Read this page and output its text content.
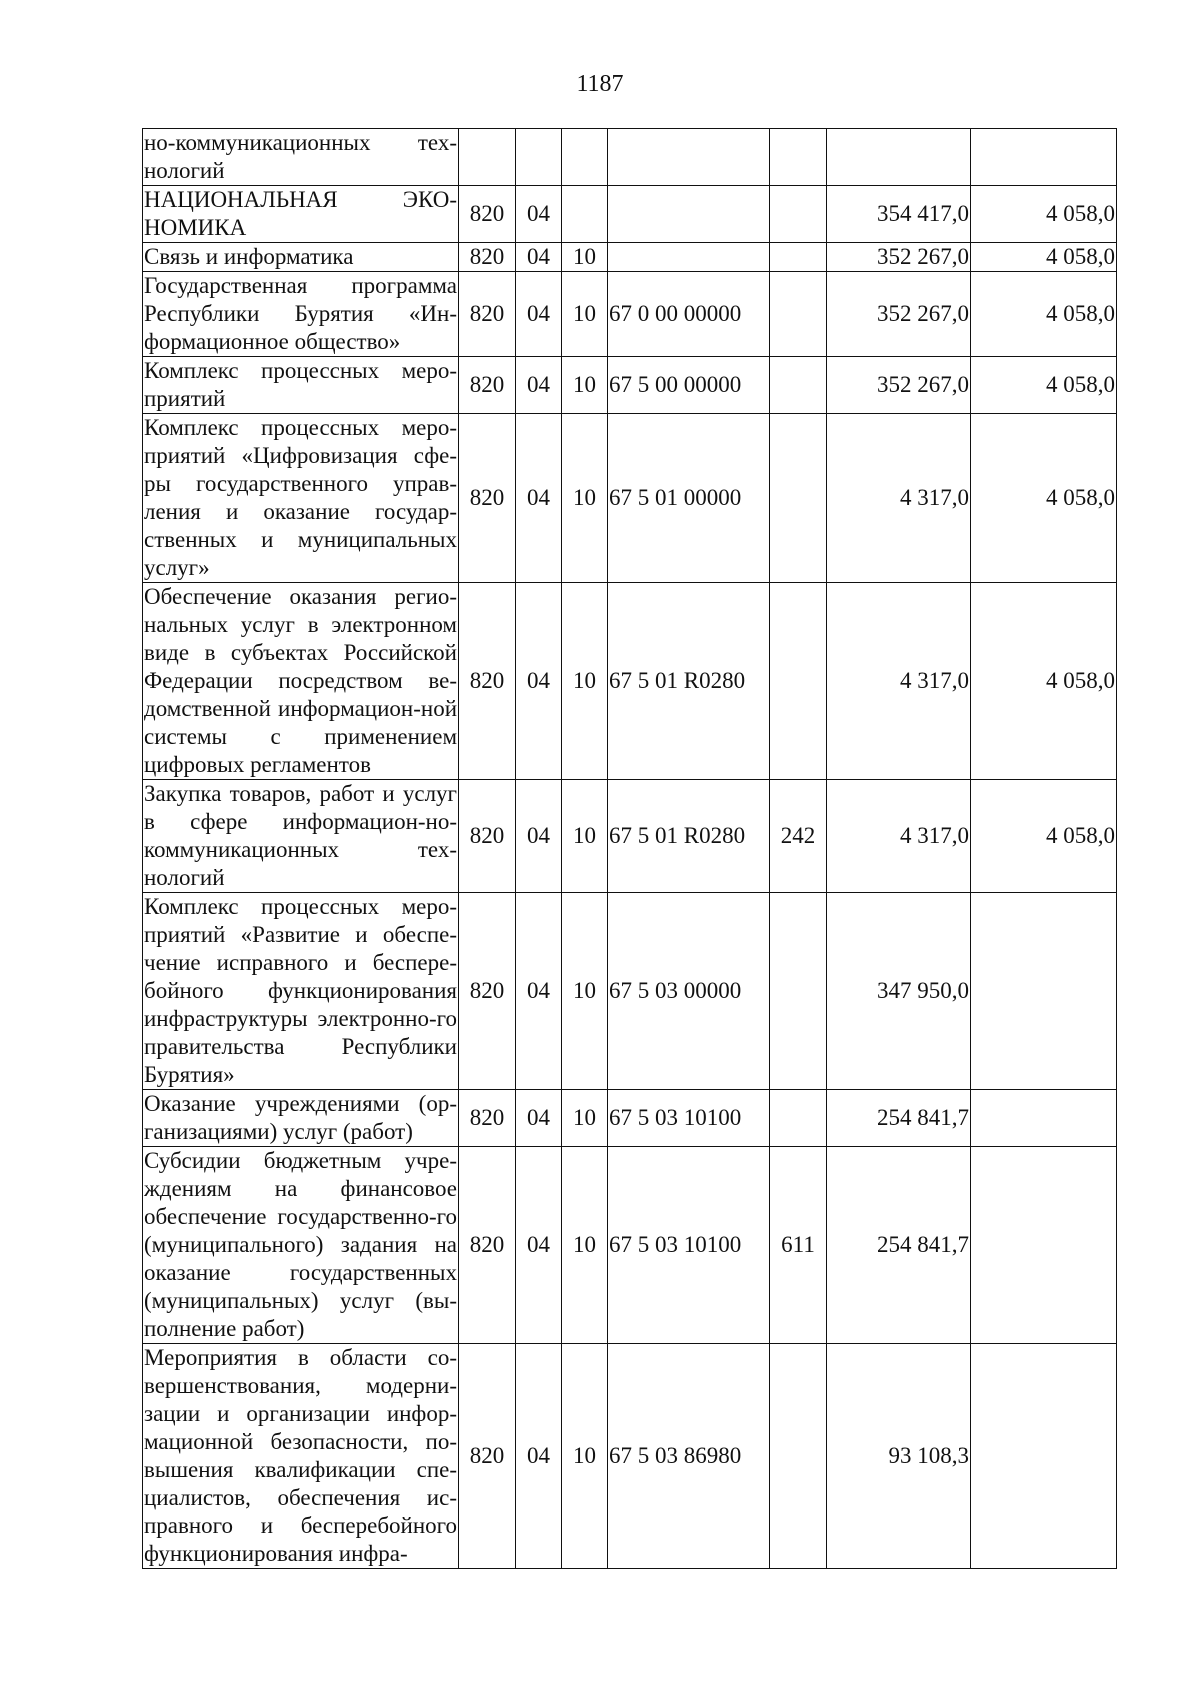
1187
но-коммуникационных тех-нологий							
НАЦИОНАЛЬНАЯ ЭКО-НОМИКА	820	04				354 417,0	4 058,0
Связь и информатика	820	04	10			352 267,0	4 058,0
Государственная программа Республики Бурятия «Ин-формационное общество»	820	04	10	67 0 00 00000		352 267,0	4 058,0
Комплекс процессных меро-приятий	820	04	10	67 5 00 00000		352 267,0	4 058,0
Комплекс процессных меро-приятий «Цифровизация сфе-ры государственного управ-ления и оказание государ-ственных и муниципальных услуг»	820	04	10	67 5 01 00000		4 317,0	4 058,0
Обеспечение оказания регио-нальных услуг в электронном виде в субъектах Российской Федерации посредством ве-домственной информацион-ной системы с применением цифровых регламентов	820	04	10	67 5 01 R0280		4 317,0	4 058,0
Закупка товаров, работ и услуг в сфере информацион-но-коммуникационных тех-нологий	820	04	10	67 5 01 R0280	242	4 317,0	4 058,0
Комплекс процессных меро-приятий «Развитие и обеспе-чение исправного и беспере-бойного функционирования инфраструктуры электронно-го правительства Республики Бурятия»	820	04	10	67 5 03 00000		347 950,0	
Оказание учреждениями (ор-ганизациями) услуг (работ)	820	04	10	67 5 03 10100		254 841,7	
Субсидии бюджетным учре-ждениям на финансовое обеспечение государственно-го (муниципального) задания на оказание государственных (муниципальных) услуг (вы-полнение работ)	820	04	10	67 5 03 10100	611	254 841,7	
Мероприятия в области со-вершенствования, модерни-зации и организации инфор-мационной безопасности, по-вышения квалификации спе-циалистов, обеспечения ис-правного и бесперебойного функционирования инфра-	820	04	10	67 5 03 86980		93 108,3	
